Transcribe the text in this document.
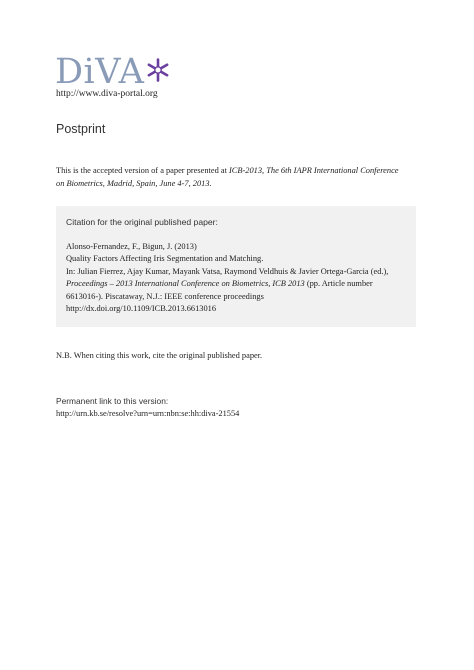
DiVA
http://www.diva-portal.org
Postprint
This is the accepted version of a paper presented at ICB-2013, The 6th IAPR International Conference
on Biometrics, Madrid, Spain, June 4-7, 2013.
Citation for the original published paper:
Alonso-Fernandez, F., Bigun, J. (2013)
Quality Factors Affecting Iris Segmentation and Matching.
In: Julian Fierrez, Ajay Kumar, Mayank Vatsa, Raymond Veldhuis & Javier Ortega-Garcia (ed.),
Proceedings – 2013 International Conference on Biometrics, ICB 2013 (pp. Article number
6613016-). Piscataway, N.J.: IEEE conference proceedings
http://dx.doi.org/10.1109/ICB.2013.6613016
N.B. When citing this work, cite the original published paper.
Permanent link to this version:
http://urn.kb.se/resolve?urn=urn:nbn:se:hh:diva-21554
